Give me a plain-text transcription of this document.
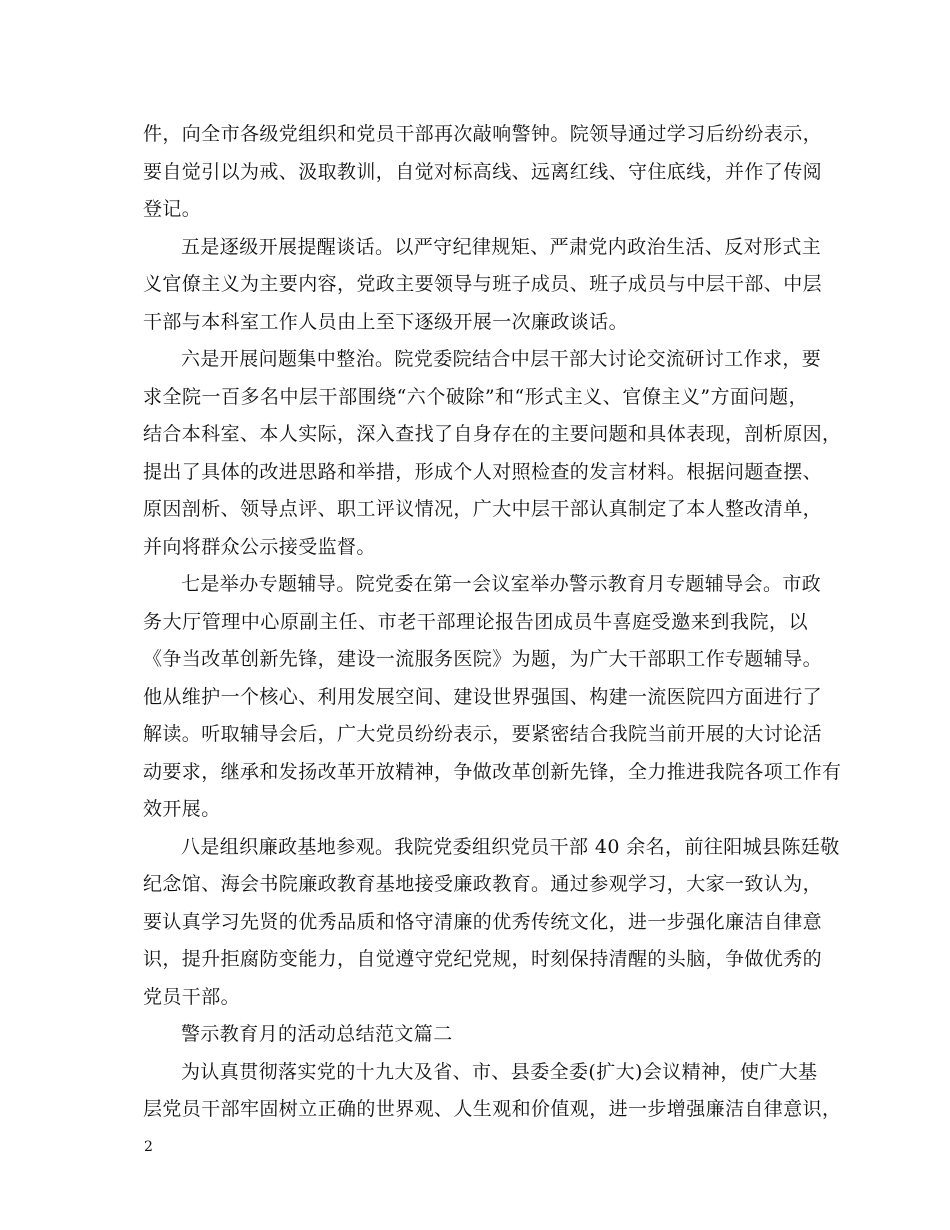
件，向全市各级党组织和党员干部再次敲响警钟。院领导通过学习后纷纷表示，
要自觉引以为戒、汲取教训，自觉对标高线、远离红线、守住底线，并作了传阅
登记。
五是逐级开展提醒谈话。以严守纪律规矩、严肃党内政治生活、反对形式主
义官僚主义为主要内容，党政主要领导与班子成员、班子成员与中层干部、中层
干部与本科室工作人员由上至下逐级开展一次廉政谈话。
六是开展问题集中整治。院党委院结合中层干部大讨论交流研讨工作求，要
求全院一百多名中层干部围绕“六个破除”和“形式主义、官僚主义”方面问题，
结合本科室、本人实际，深入查找了自身存在的主要问题和具体表现，剖析原因，
提出了具体的改进思路和举措，形成个人对照检查的发言材料。根据问题查摆、
原因剖析、领导点评、职工评议情况，广大中层干部认真制定了本人整改清单，
并向将群众公示接受监督。
七是举办专题辅导。院党委在第一会议室举办警示教育月专题辅导会。市政
务大厅管理中心原副主任、市老干部理论报告团成员牛喜庭受邀来到我院，以
《争当改革创新先锋，建设一流服务医院》为题，为广大干部职工作专题辅导。
他从维护一个核心、利用发展空间、建设世界强国、构建一流医院四方面进行了
解读。听取辅导会后，广大党员纷纷表示，要紧密结合我院当前开展的大讨论活
动要求，继承和发扬改革开放精神，争做改革创新先锋，全力推进我院各项工作有
效开展。
八是组织廉政基地参观。我院党委组织党员干部 40 余名，前往阳城县陈廷敬
纪念馆、海会书院廉政教育基地接受廉政教育。通过参观学习，大家一致认为，
要认真学习先贤的优秀品质和恪守清廉的优秀传统文化，进一步强化廉洁自律意
识，提升拒腐防变能力，自觉遵守党纪党规，时刻保持清醒的头脑，争做优秀的
党员干部。
警示教育月的活动总结范文篇二
为认真贯彻落实党的十九大及省、市、县委全委(扩大)会议精神，使广大基
层党员干部牢固树立正确的世界观、人生观和价值观，进一步增强廉洁自律意识，
2
